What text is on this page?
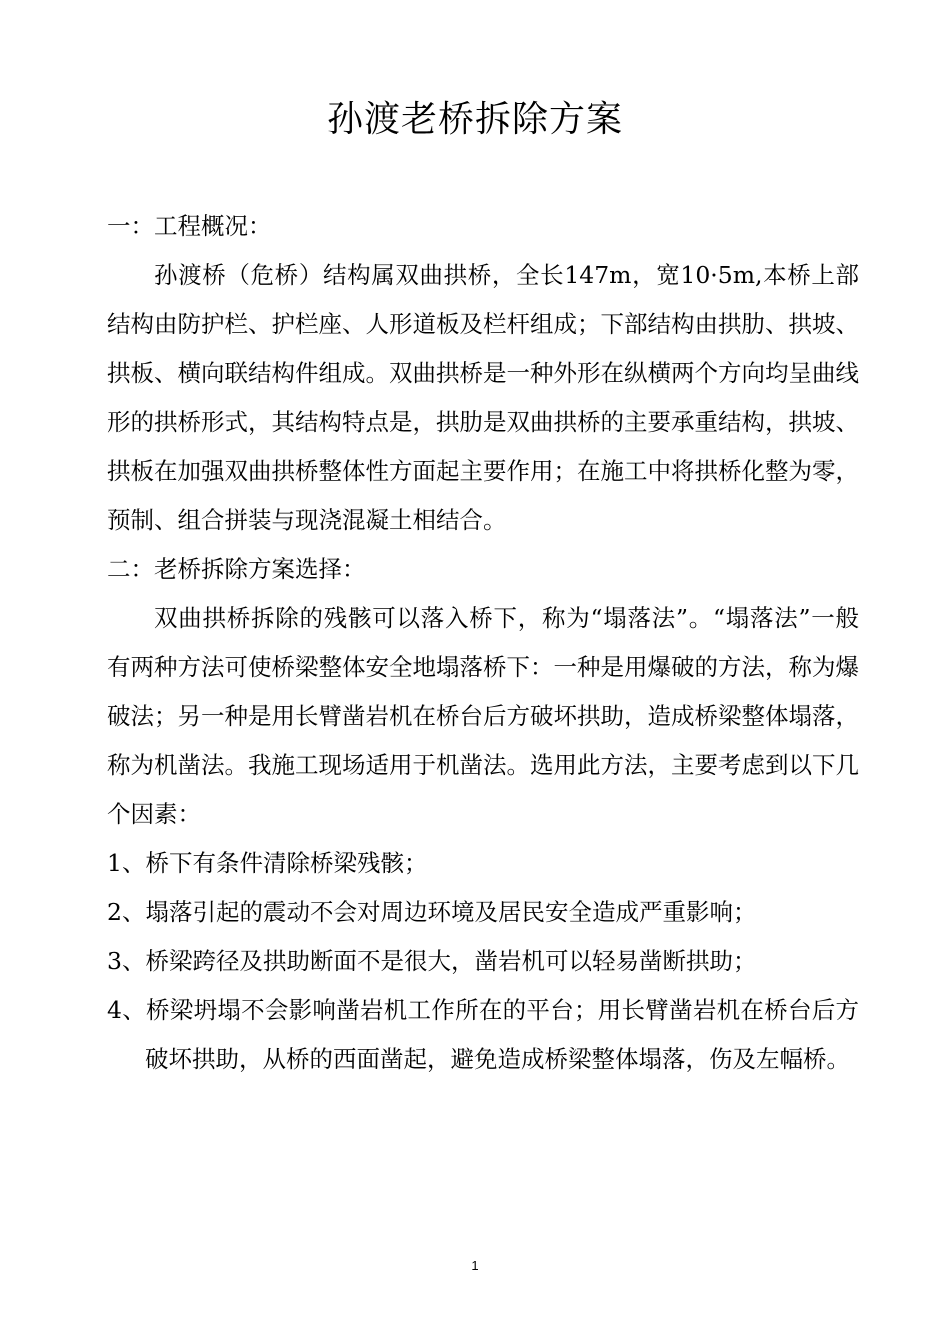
孙渡老桥拆除方案

一：工程概况：

孙渡桥（危桥）结构属双曲拱桥，全长147m，宽10·5m,本桥上部结构由防护栏、护栏座、人形道板及栏杆组成；下部结构由拱肋、拱坡、拱板、横向联结构件组成。双曲拱桥是一种外形在纵横两个方向均呈曲线形的拱桥形式，其结构特点是，拱肋是双曲拱桥的主要承重结构，拱坡、拱板在加强双曲拱桥整体性方面起主要作用；在施工中将拱桥化整为零，预制、组合拼装与现浇混凝土相结合。

二：老桥拆除方案选择：

双曲拱桥拆除的残骸可以落入桥下，称为“塌落法”。“塌落法”一般有两种方法可使桥梁整体安全地塌落桥下：一种是用爆破的方法，称为爆破法；另一种是用长臂凿岩机在桥台后方破坏拱助，造成桥梁整体塌落，称为机凿法。我施工现场适用于机凿法。选用此方法，主要考虑到以下几个因素：

1、桥下有条件清除桥梁残骸；

2、塌落引起的震动不会对周边环境及居民安全造成严重影响；

3、桥梁跨径及拱助断面不是很大，凿岩机可以轻易凿断拱助；

4、桥梁坍塌不会影响凿岩机工作所在的平台；用长臂凿岩机在桥台后方破坏拱助，从桥的西面凿起，避免造成桥梁整体塌落，伤及左幅桥。

1
